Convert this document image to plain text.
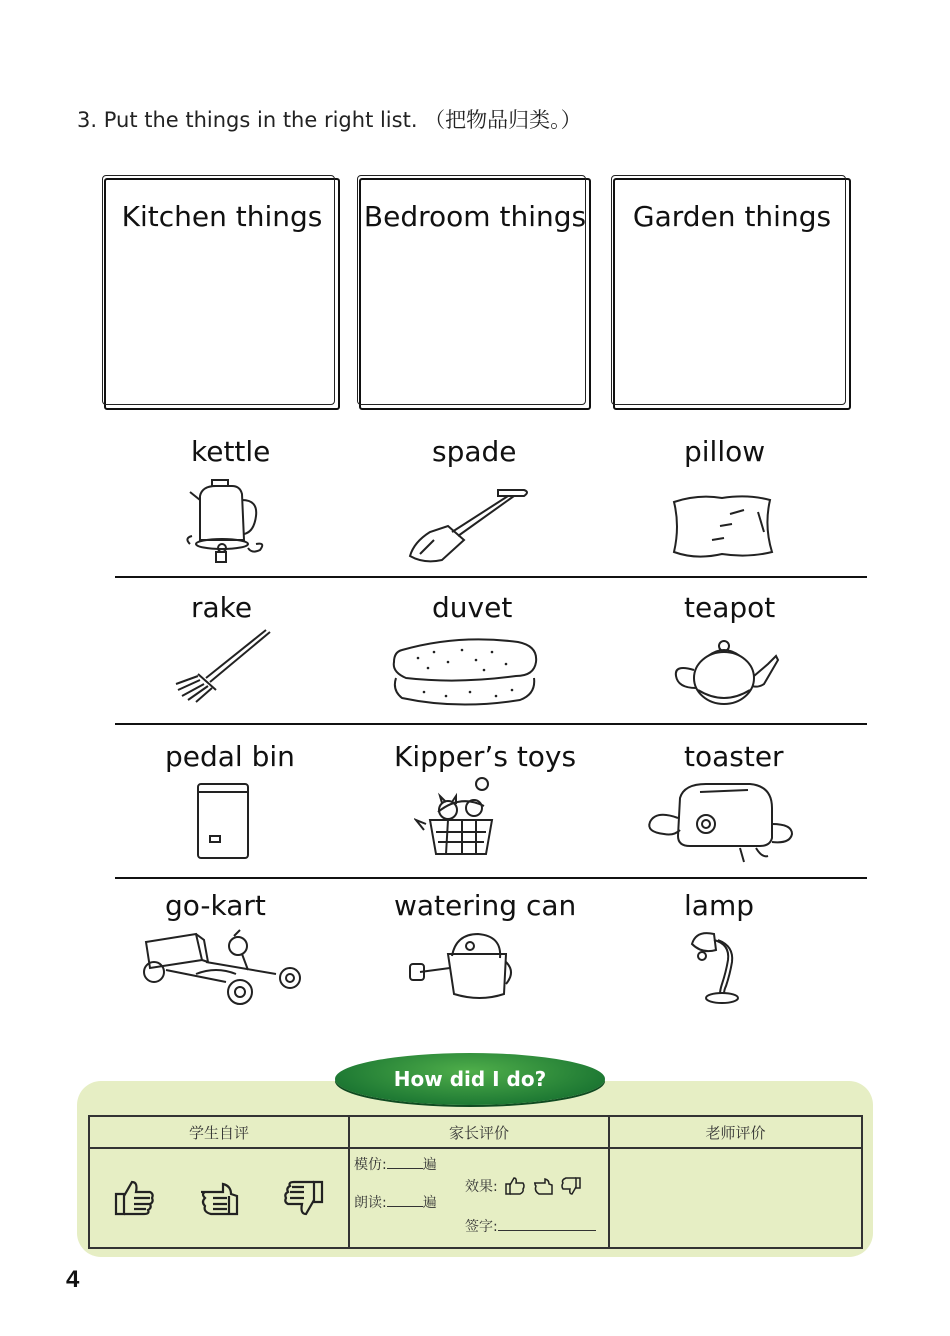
3. Put the things in the right list. （把物品归类。）
Kitchen things	Bedroom things	Garden things
kettle	spade	pillow
rake	duvet	teapot
pedal bin	Kipper’s toys	toaster
go-kart	watering can	lamp
学生自评	家长评价	老师评价

模仿: 遍
朗读: 遍
效果:
签字:	

How did I do?
4
